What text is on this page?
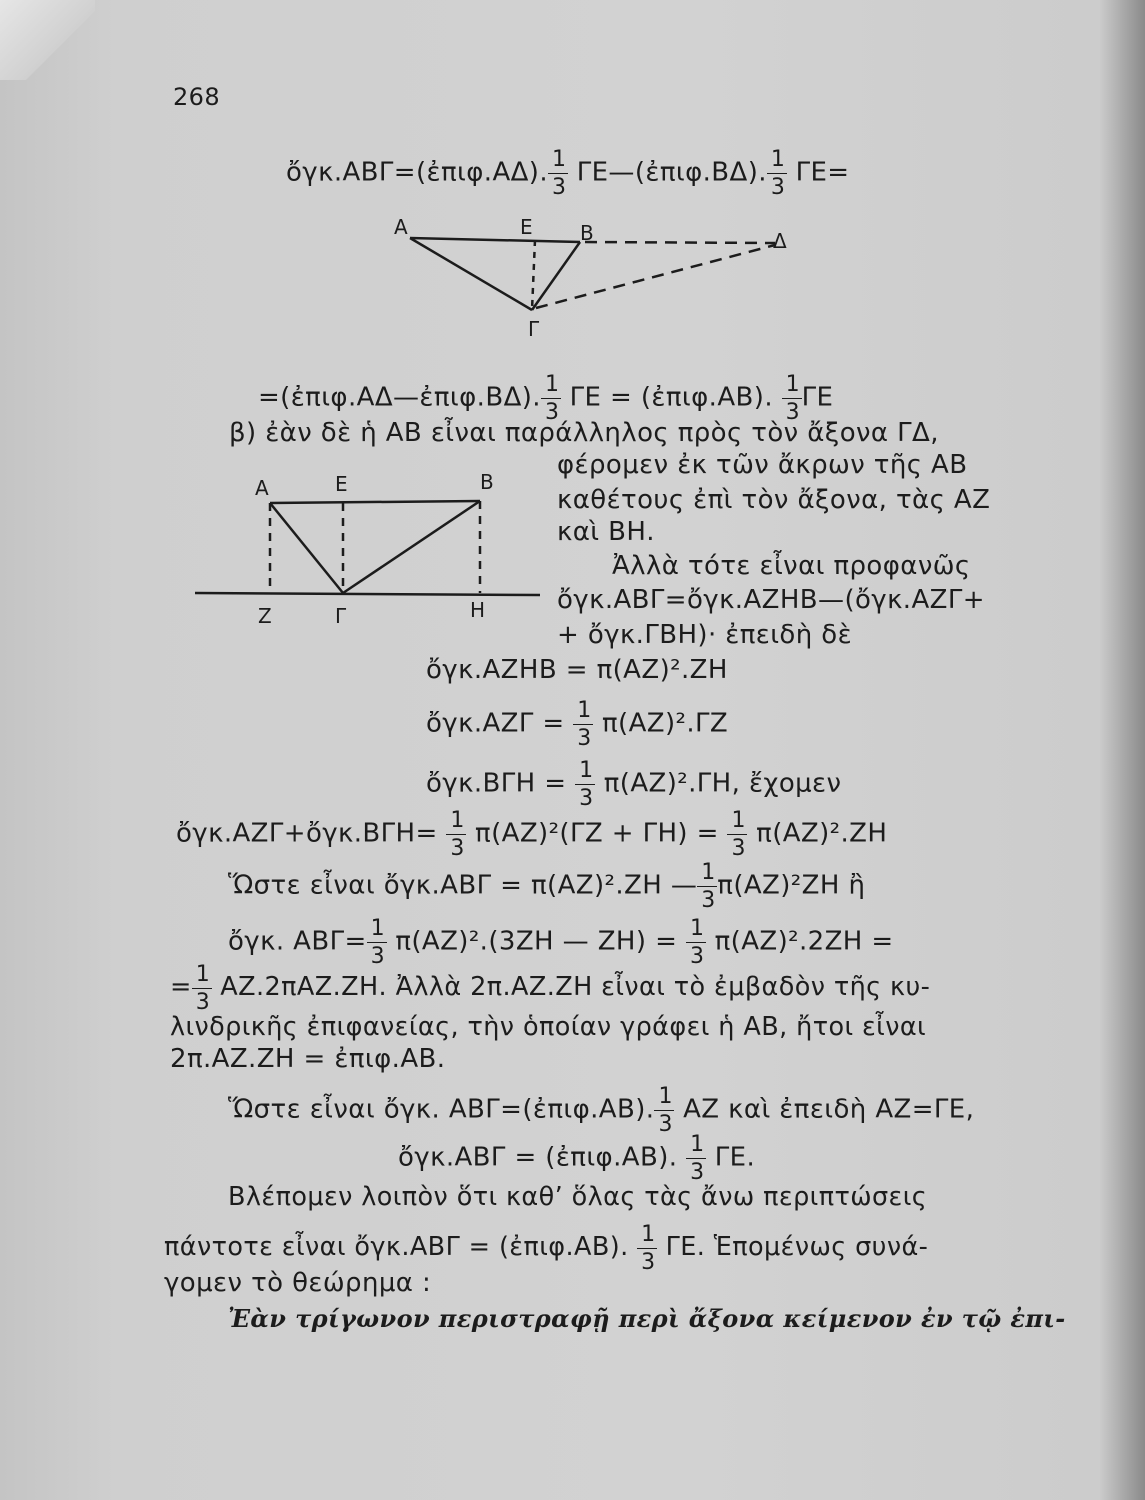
268
ὄγκ.ΑΒΓ=(ἐπιφ.ΑΔ). $\frac{1}{3}$ ΓΕ—(ἐπιφ.ΒΔ). $\frac{1}{3} \Gamma E=$
Α	Ε Β	Δ
Γ
=(ἐπιφ.ΑΔ—ἐπιφ.ΒΔ). $\frac{1}{3}$ ΓΕ = (ἐπιφ.ΑΒ). $\frac{1}{3}$ ΓΕ
β) ἐὰν δὲ ἡ ΑΒ εἶναι παράλληλος πρὸς τὸν ἄξονα ΓΔ,
Α	Ε	Β
Ζ	Γ	Η
φέρομεν ἐκ τῶν ἄκρων τῆς ΑΒ
καθέτους ἐπὶ τὸν ἄξονα, τὰς ΑΖ
καὶ ΒΗ.
Ἀλλὰ τότε εἶναι προφανῶς
ὄγκ.ΑΒΓ=ὄγκ.ΑΖΗΒ—(ὄγκ.ΑΖΓ+
+ ὄγκ.ΓΒΗ)· ἐπειδὴ δὲ
ὄγκ.ΑΖΗΒ = π(ΑΖ)².ΖΗ
ὄγκ.ΑΖΓ = $\frac{1}{3} \pi(AZ)^2.\Gamma Z$
ὄγκ.ΒΓΗ = $\frac{1}{3} \pi(AZ)^2.\Gamma H$, ἔχομεν
ὄγκ.ΑΖΓ+ὄγκ.ΒΓΗ= $\frac{1}{3} \pi(AZ)^2(\Gamma Z + \Gamma H) = \frac{1}{3} \pi(AZ)^2.ZH$
Ὥστε εἶναι ὄγκ.ΑΒΓ = π(ΑΖ)².ΖΗ — $\frac{1}{3} \pi(AZ)^2ZH$ ἢ
ὄγκ. $AB\Gamma= \frac{1}{3} \pi(AZ)^2.(3ZH$ — $ZH) = \frac{1}{3} \pi(AZ)^2.2ZH$ =
= $\frac{1}{3} AZ.2\pi AZ.ZH$. Ἀλλὰ 2π.ΑΖ.ΖΗ εἶναι τὸ ἐμβαδὸν τῆς κυ-
λινδρικῆς ἐπιφανείας, τὴν ὁποίαν γράφει ἡ ΑΒ, ἤτοι εἶναι
2π.ΑΖ.ΖΗ = ἐπιφ.ΑΒ.
Ὥστε εἶναι ὄγκ. ΑΒΓ=(ἐπιφ.ΑΒ). $\frac{1}{3}$ ΑΖ καὶ ἐπειδὴ ΑΖ=ΓΕ,
ὄγκ.ΑΒΓ = (ἐπιφ.ΑΒ). $\frac{1}{3} \Gamma E$.
Βλέπομεν λοιπὸν ὅτι καθ’ ὅλας τὰς ἄνω περιπτώσεις
πάντοτε εἶναι ὄγκ.ΑΒΓ = (ἐπιφ.ΑΒ). $\frac{1}{3} \Gamma E$. Ἑπομένως συνά-
γομεν τὸ θεώρημα :
Ἐὰν τρίγωνον περιστραφῇ περὶ ἄξονα κείμενον ἐν τῷ ἐπι-
